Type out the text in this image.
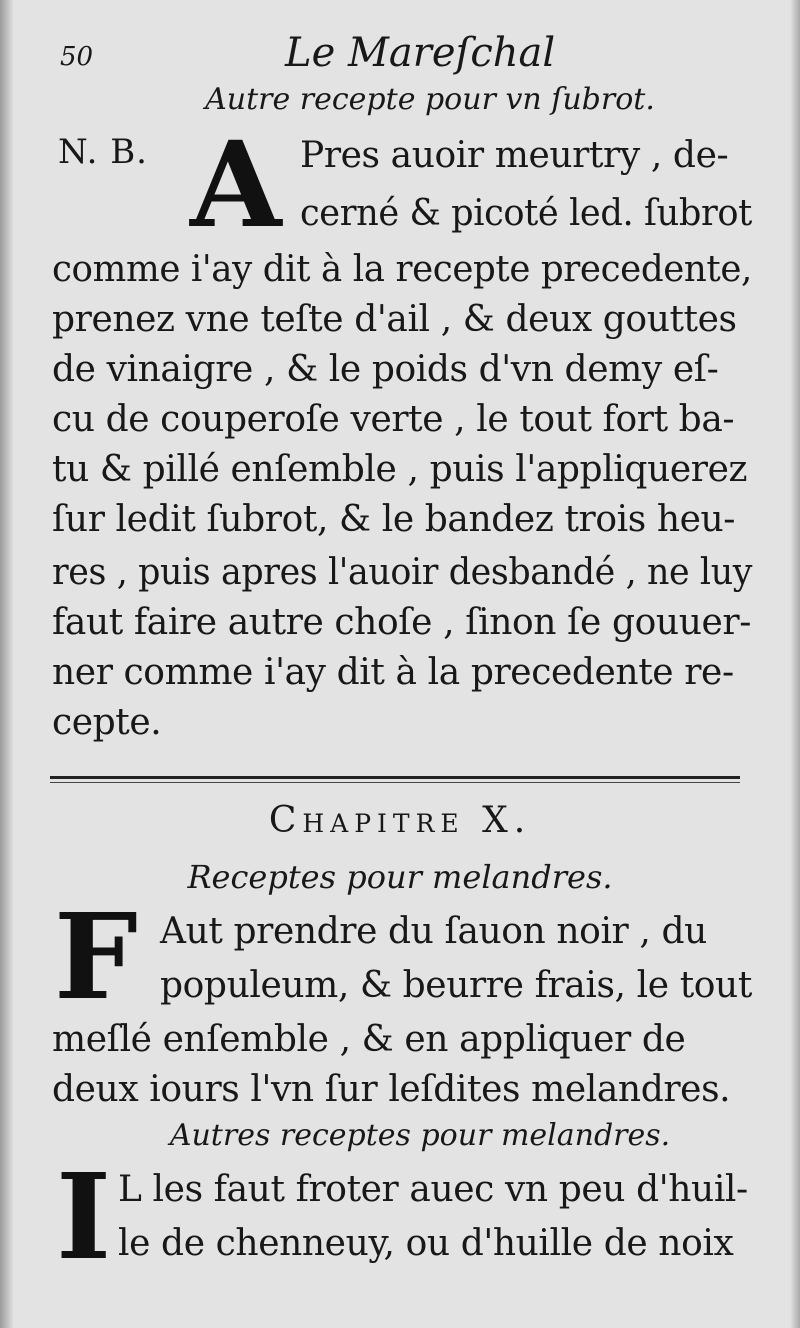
50	Le Mareſchal
Autre recepte pour vn ſubrot.
N. B. A Pres auoir meurtry , de-
cerné & picoté led. ſubrot
comme i'ay dit à la recepte precedente,
prenez vne teſte d'ail , & deux gouttes
de vinaigre , & le poids d'vn demy eſ-
cu de couperoſe verte , le tout fort ba-
tu & pillé enſemble , puis l'appliquerez
ſur ledit ſubrot, & le bandez trois heu-
res , puis apres l'auoir desbandé , ne luy
faut faire autre choſe , ſinon ſe gouuer-
ner comme i'ay dit à la precedente re-
cepte.
Chapitre X.
Receptes pour melandres.
F Aut prendre du ſauon noir , du
populeum, & beurre frais, le tout
meſlé enſemble , & en appliquer de
deux iours l'vn ſur leſdites melandres.
Autres receptes pour melandres.
I L les faut froter auec vn peu d'huil-
le de chenneuy, ou d'huille de noix
